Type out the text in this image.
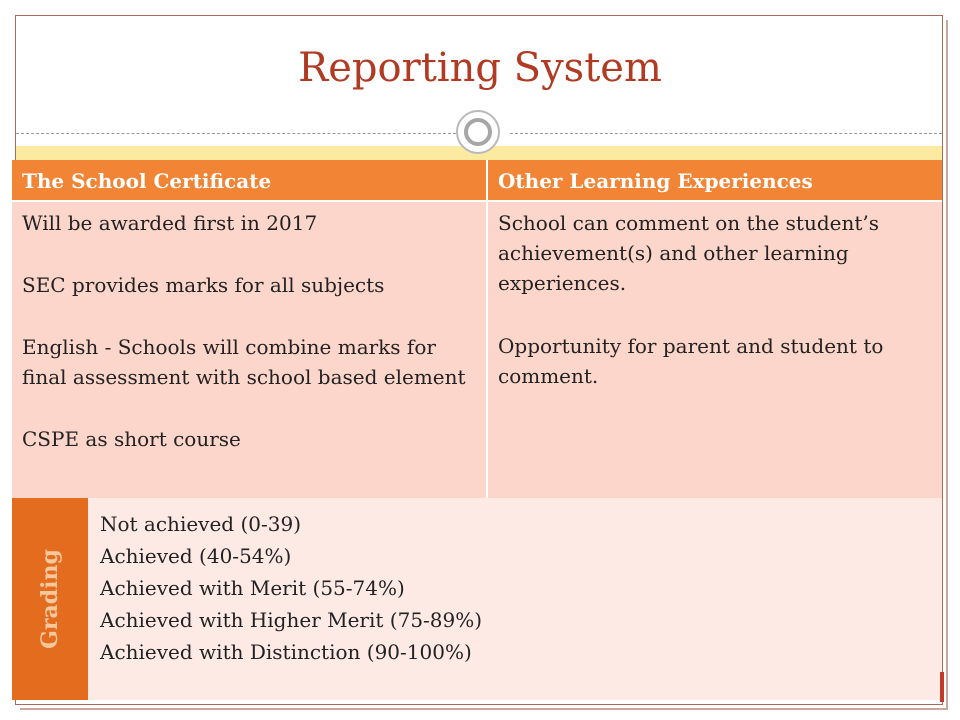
Reporting System
The School Certificate	Other Learning Experiences

Will be awarded first in 2017

SEC provides marks for all subjects

English - Schools will combine marks for final assessment with school based element

CSPE as short course

School can comment on the student’s achievement(s) and other learning experiences.

Opportunity for parent and student to comment.

Grading
Not achieved (0-39)
Achieved (40-54%)
Achieved with Merit (55-74%)
Achieved with Higher Merit (75-89%)
Achieved with Distinction (90-100%)
